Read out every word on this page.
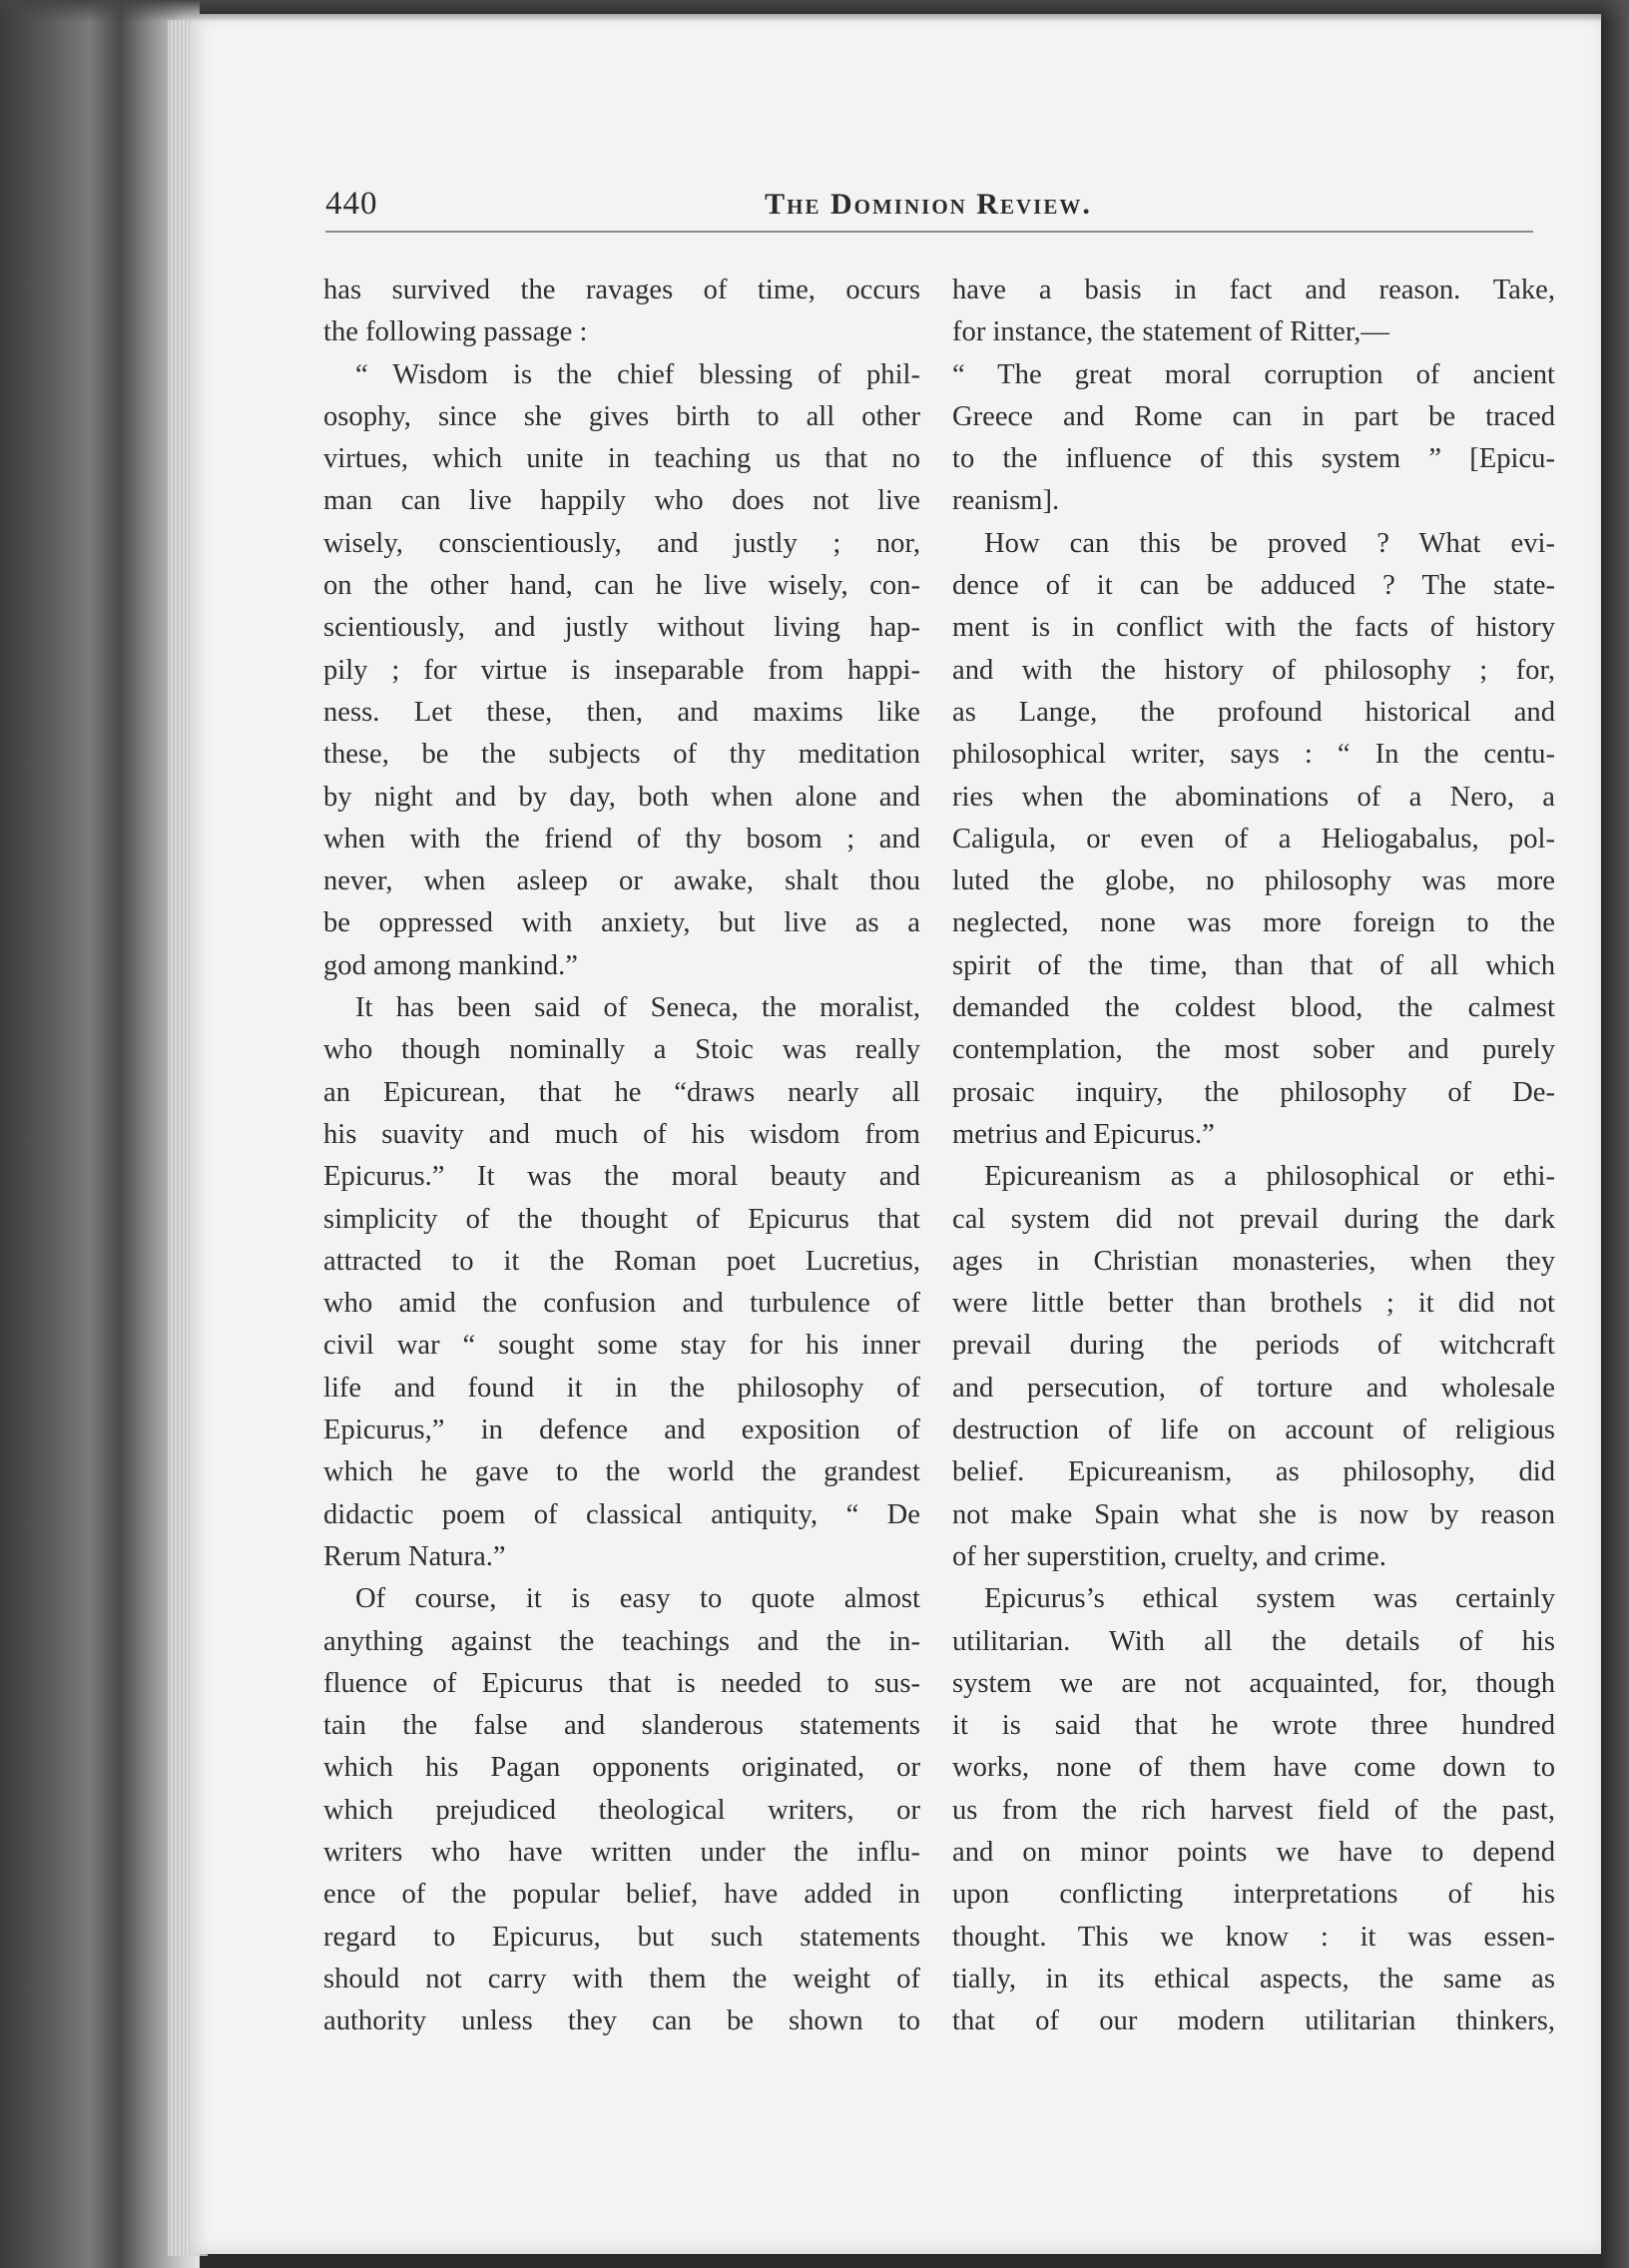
440	The Dominion Review.
has survived the ravages of time, occurs
the following passage :
“ Wisdom is the chief blessing of phil-
osophy, since she gives birth to all other
virtues, which unite in teaching us that no
man can live happily who does not live
wisely, conscientiously, and justly ; nor,
on the other hand, can he live wisely, con-
scientiously, and justly without living hap-
pily ; for virtue is inseparable from happi-
ness. Let these, then, and maxims like
these, be the subjects of thy meditation
by night and by day, both when alone and
when with the friend of thy bosom ; and
never, when asleep or awake, shalt thou
be oppressed with anxiety, but live as a
god among mankind.”
It has been said of Seneca, the moralist,
who though nominally a Stoic was really
an Epicurean, that he “draws nearly all
his suavity and much of his wisdom from
Epicurus.” It was the moral beauty and
simplicity of the thought of Epicurus that
attracted to it the Roman poet Lucretius,
who amid the confusion and turbulence of
civil war “ sought some stay for his inner
life and found it in the philosophy of
Epicurus,” in defence and exposition of
which he gave to the world the grandest
didactic poem of classical antiquity, “ De
Rerum Natura.”
Of course, it is easy to quote almost
anything against the teachings and the in-
fluence of Epicurus that is needed to sus-
tain the false and slanderous statements
which his Pagan opponents originated, or
which prejudiced theological writers, or
writers who have written under the influ-
ence of the popular belief, have added in
regard to Epicurus, but such statements
should not carry with them the weight of
authority unless they can be shown to
have a basis in fact and reason. Take,
for instance, the statement of Ritter,—
“ The great moral corruption of ancient
Greece and Rome can in part be traced
to the influence of this system ” [Epicu-
reanism].
How can this be proved ? What evi-
dence of it can be adduced ? The state-
ment is in conflict with the facts of history
and with the history of philosophy ; for,
as Lange, the profound historical and
philosophical writer, says : “ In the centu-
ries when the abominations of a Nero, a
Caligula, or even of a Heliogabalus, pol-
luted the globe, no philosophy was more
neglected, none was more foreign to the
spirit of the time, than that of all which
demanded the coldest blood, the calmest
contemplation, the most sober and purely
prosaic inquiry, the philosophy of De-
metrius and Epicurus.”
Epicureanism as a philosophical or ethi-
cal system did not prevail during the dark
ages in Christian monasteries, when they
were little better than brothels ; it did not
prevail during the periods of witchcraft
and persecution, of torture and wholesale
destruction of life on account of religious
belief. Epicureanism, as philosophy, did
not make Spain what she is now by reason
of her superstition, cruelty, and crime.
Epicurus’s ethical system was certainly
utilitarian. With all the details of his
system we are not acquainted, for, though
it is said that he wrote three hundred
works, none of them have come down to
us from the rich harvest field of the past,
and on minor points we have to depend
upon conflicting interpretations of his
thought. This we know : it was essen-
tially, in its ethical aspects, the same as
that of our modern utilitarian thinkers,
